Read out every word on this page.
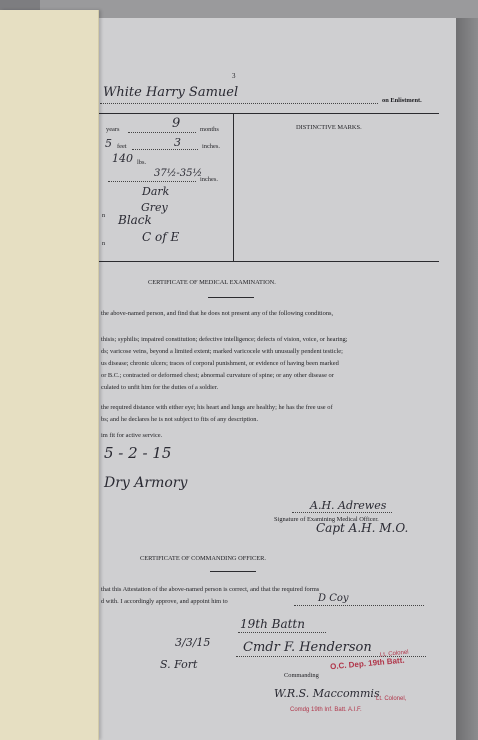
3
White Harry Samuel
on Enlistment.
years	9	months
5 feet	3	inches.
140 lbs.
37½-35½
inches.
Dark
Grey
n Black
C of E
n
DISTINCTIVE MARKS.
CERTIFICATE OF MEDICAL EXAMINATION.
the above-named person, and find that he does not present any of the following conditions,
thisis; syphilis; impaired constitution; defective intelligence; defects of vision, voice, or hearing;
ds; varicose veins, beyond a limited extent; marked varicocele with unusually pendent testicle;
us disease; chronic ulcers; traces of corporal punishment, or evidence of having been marked
or B.C.; contracted or deformed chest; abnormal curvature of spine; or any other disease or
culated to unfit him for the duties of a soldier.
the required distance with either eye; his heart and lungs are healthy; he has the free use of
bs; and he declares he is not subject to fits of any description.
im fit for active service.
5 - 2 - 15
Dry Armory
A.H. Adrewes
Signature of Examining Medical Officer.
Capt A.H. M.O.
CERTIFICATE OF COMMANDING OFFICER.
that this Attestation of the above-named person is correct, and that the required forms
d with. I accordingly approve, and appoint him to	D Coy
19th Battn
3/3/15	Cmdr F. Henderson
S. Fort
Lt. Colonel
O.C. Dep. 19th Batt.
Commanding
W.R.S. Maccommis
Lt. Colonel,
Comdg 19th Inf. Batt. A.I.F.
